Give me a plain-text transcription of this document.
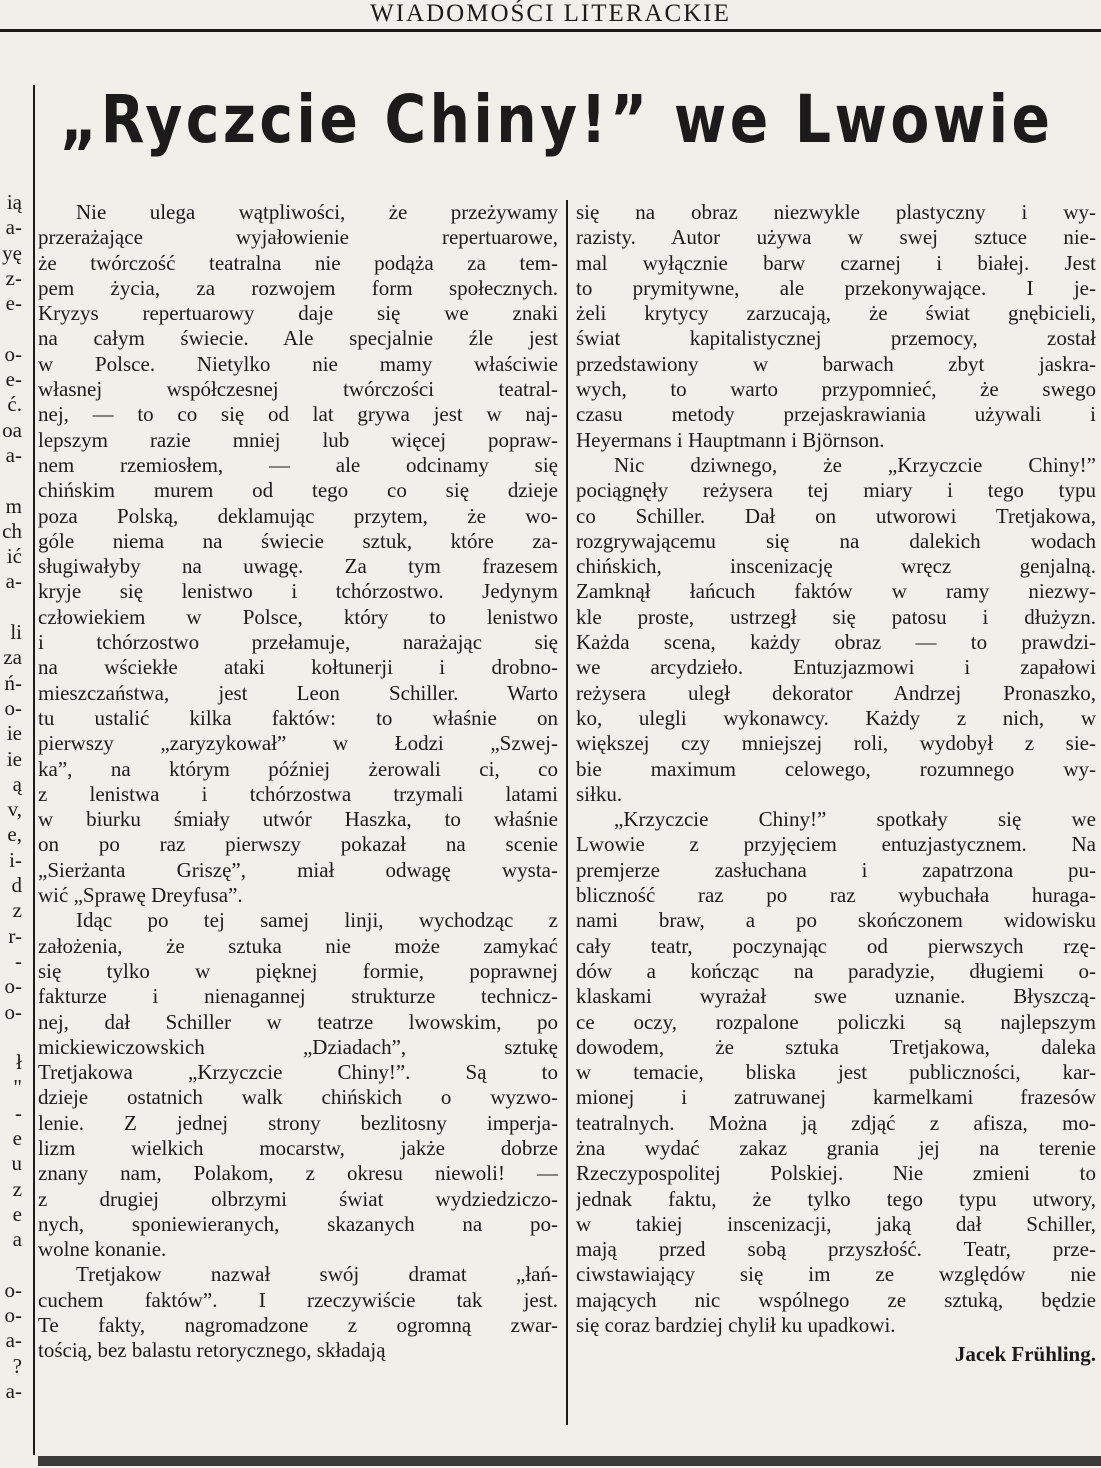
WIADOMOŚCI LITERACKIE
ią
a-
yę
z-
e-
o-
e-
ć.
oa
a-
m
ch
ić
a-
li
za
ń-
o-
ie
ie
ą
v,
e,
i-
d
z
r-
-
o-
o-
ł
"
-
e
u
z
e
a
o-
o-
a-
?
a-
„Ryczcie Chiny!” we Lwowie
Nie ulega wątpliwości, że przeżywamy
przerażające wyjałowienie repertuarowe,
że twórczość teatralna nie podąża za tem-
pem życia, za rozwojem form społecznych.
Kryzys repertuarowy daje się we znaki
na całym świecie. Ale specjalnie źle jest
w Polsce. Nietylko nie mamy właściwie
własnej współczesnej twórczości teatral-
nej, — to co się od lat grywa jest w naj-
lepszym razie mniej lub więcej popraw-
nem rzemiosłem, — ale odcinamy się
chińskim murem od tego co się dzieje
poza Polską, deklamując przytem, że wo-
góle niema na świecie sztuk, które za-
sługiwałyby na uwagę. Za tym frazesem
kryje się lenistwo i tchórzostwo. Jedynym
człowiekiem w Polsce, który to lenistwo
i tchórzostwo przełamuje, narażając się
na wściekłe ataki kołtunerji i drobno-
mieszczaństwa, jest Leon Schiller. Warto
tu ustalić kilka faktów: to właśnie on
pierwszy „zaryzykował” w Łodzi „Szwej-
ka”, na którym później żerowali ci, co
z lenistwa i tchórzostwa trzymali latami
w biurku śmiały utwór Haszka, to właśnie
on po raz pierwszy pokazał na scenie
„Sierżanta Griszę”, miał odwagę wysta-
wić „Sprawę Dreyfusa”.
Idąc po tej samej linji, wychodząc z
założenia, że sztuka nie może zamykać
się tylko w pięknej formie, poprawnej
fakturze i nienagannej strukturze technicz-
nej, dał Schiller w teatrze lwowskim, po
mickiewiczowskich „Dziadach”, sztukę
Tretjakowa „Krzyczcie Chiny!”. Są to
dzieje ostatnich walk chińskich o wyzwo-
lenie. Z jednej strony bezlitosny imperja-
lizm wielkich mocarstw, jakże dobrze
znany nam, Polakom, z okresu niewoli! —
z drugiej olbrzymi świat wydziedziczo-
nych, sponiewieranych, skazanych na po-
wolne konanie.
Tretjakow nazwał swój dramat „łań-
cuchem faktów”. I rzeczywiście tak jest.
Te fakty, nagromadzone z ogromną zwar-
tością, bez balastu retorycznego, składają
się na obraz niezwykle plastyczny i wy-
razisty. Autor używa w swej sztuce nie-
mal wyłącznie barw czarnej i białej. Jest
to prymitywne, ale przekonywające. I je-
żeli krytycy zarzucają, że świat gnębicieli,
świat kapitalistycznej przemocy, został
przedstawiony w barwach zbyt jaskra-
wych, to warto przypomnieć, że swego
czasu metody przejaskrawiania używali i
Heyermans i Hauptmann i Björnson.
Nic dziwnego, że „Krzyczcie Chiny!”
pociągnęły reżysera tej miary i tego typu
co Schiller. Dał on utworowi Tretjakowa,
rozgrywającemu się na dalekich wodach
chińskich, inscenizację wręcz genjalną.
Zamknął łańcuch faktów w ramy niezwy-
kle proste, ustrzegł się patosu i dłużyzn.
Każda scena, każdy obraz — to prawdzi-
we arcydzieło. Entuzjazmowi i zapałowi
reżysera uległ dekorator Andrzej Pronaszko,
ko, ulegli wykonawcy. Każdy z nich, w
większej czy mniejszej roli, wydobył z sie-
bie maximum celowego, rozumnego wy-
siłku.
„Krzyczcie Chiny!” spotkały się we
Lwowie z przyjęciem entuzjastycznem. Na
premjerze zasłuchana i zapatrzona pu-
bliczność raz po raz wybuchała huraga-
nami braw, a po skończonem widowisku
cały teatr, poczynając od pierwszych rzę-
dów a kończąc na paradyzie, długiemi o-
klaskami wyrażał swe uznanie. Błyszczą-
ce oczy, rozpalone policzki są najlepszym
dowodem, że sztuka Tretjakowa, daleka
w temacie, bliska jest publiczności, kar-
mionej i zatruwanej karmelkami frazesów
teatralnych. Można ją zdjąć z afisza, mo-
żna wydać zakaz grania jej na terenie
Rzeczypospolitej Polskiej. Nie zmieni to
jednak faktu, że tylko tego typu utwory,
w takiej inscenizacji, jaką dał Schiller,
mają przed sobą przyszłość. Teatr, prze-
ciwstawiający się im ze względów nie
mających nic wspólnego ze sztuką, będzie
się coraz bardziej chylił ku upadkowi.
Jacek Frühling.
